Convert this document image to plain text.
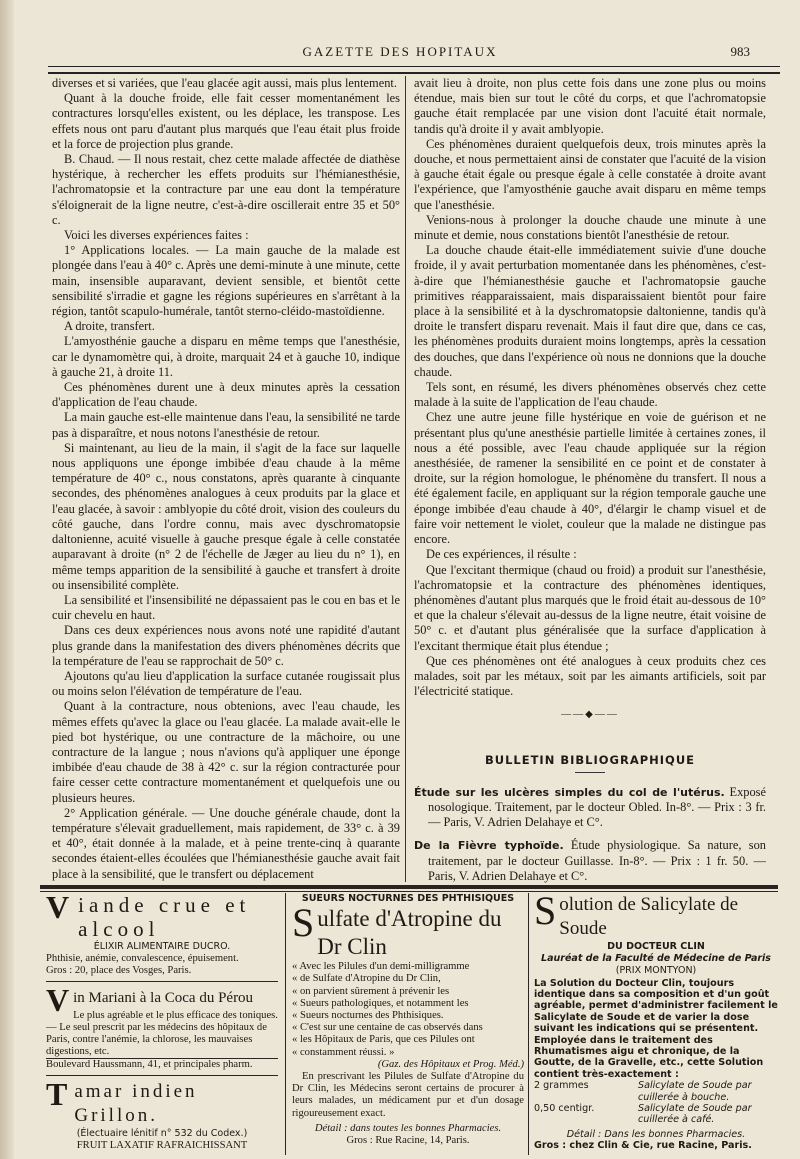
GAZETTE DES HOPITAUX	983

diverses et si variées, que l'eau glacée agit aussi, mais plus lentement.

Quant à la douche froide, elle fait cesser momentanément les contractures lorsqu'elles existent, ou les déplace, les transpose. Les effets nous ont paru d'autant plus marqués que l'eau était plus froide et la force de projection plus grande.

B. Chaud. — Il nous restait, chez cette malade affectée de diathèse hystérique, à rechercher les effets produits sur l'hémianesthésie, l'achromatopsie et la contracture par une eau dont la température s'éloignerait de la ligne neutre, c'est-à-dire oscillerait entre 35 et 50° c.

Voici les diverses expériences faites :

1° Applications locales. — La main gauche de la malade est plongée dans l'eau à 40° c. Après une demi-minute à une minute, cette main, insensible auparavant, devient sensible, et bientôt cette sensibilité s'irradie et gagne les régions supérieures en s'arrêtant à la région, tantôt scapulo-humérale, tantôt sterno-cléido-mastoïdienne.

A droite, transfert.

L'amyosthénie gauche a disparu en même temps que l'anesthésie, car le dynamomètre qui, à droite, marquait 24 et à gauche 10, indique à gauche 21, à droite 11.

Ces phénomènes durent une à deux minutes après la cessation d'application de l'eau chaude.

La main gauche est-elle maintenue dans l'eau, la sensibilité ne tarde pas à disparaître, et nous notons l'anesthésie de retour.

Si maintenant, au lieu de la main, il s'agit de la face sur laquelle nous appliquons une éponge imbibée d'eau chaude à la même température de 40° c., nous constatons, après quarante à cinquante secondes, des phénomènes analogues à ceux produits par la glace et l'eau glacée, à savoir : amblyopie du côté droit, vision des couleurs du côté gauche, dans l'ordre connu, mais avec dyschromatopsie daltonienne, acuité visuelle à gauche presque égale à celle constatée auparavant à droite (n° 2 de l'échelle de Jæger au lieu du n° 1), en même temps apparition de la sensibilité à gauche et transfert à droite ou insensibilité complète.

La sensibilité et l'insensibilité ne dépassaient pas le cou en bas et le cuir chevelu en haut.

Dans ces deux expériences nous avons noté une rapidité d'autant plus grande dans la manifestation des divers phénomènes décrits que la température de l'eau se rapprochait de 50° c.

Ajoutons qu'au lieu d'application la surface cutanée rougissait plus ou moins selon l'élévation de température de l'eau.

Quant à la contracture, nous obtenions, avec l'eau chaude, les mêmes effets qu'avec la glace ou l'eau glacée. La malade avait-elle le pied bot hystérique, ou une contracture de la mâchoire, ou une contracture de la langue ; nous n'avions qu'à appliquer une éponge imbibée d'eau chaude de 38 à 42° c. sur la région contracturée pour faire cesser cette contracture momentanément et quelquefois une ou plusieurs heures.

2° Application générale. — Une douche générale chaude, dont la température s'élevait graduellement, mais rapidement, de 33° c. à 39 et 40°, était donnée à la malade, et à peine trente-cinq à quarante secondes étaient-elles écoulées que l'hémianesthésie gauche avait fait place à la sensibilité, que le transfert ou déplacement

avait lieu à droite, non plus cette fois dans une zone plus ou moins étendue, mais bien sur tout le côté du corps, et que l'achromatopsie gauche était remplacée par une vision dont l'acuité était normale, tandis qu'à droite il y avait amblyopie.

Ces phénomènes duraient quelquefois deux, trois minutes après la douche, et nous permettaient ainsi de constater que l'acuité de la vision à gauche était égale ou presque égale à celle constatée à droite avant l'expérience, que l'amyosthénie gauche avait disparu en même temps que l'anesthésie.

Venions-nous à prolonger la douche chaude une minute à une minute et demie, nous constations bientôt l'anesthésie de retour.

La douche chaude était-elle immédiatement suivie d'une douche froide, il y avait perturbation momentanée dans les phénomènes, c'est-à-dire que l'hémianesthésie gauche et l'achromatopsie gauche primitives réapparaissaient, mais disparaissaient bientôt pour faire place à la sensibilité et à la dyschromatopsie daltonienne, tandis qu'à droite le transfert disparu revenait. Mais il faut dire que, dans ce cas, les phénomènes produits duraient moins longtemps, après la cessation des douches, que dans l'expérience où nous ne donnions que la douche chaude.

Tels sont, en résumé, les divers phénomènes observés chez cette malade à la suite de l'application de l'eau chaude.

Chez une autre jeune fille hystérique en voie de guérison et ne présentant plus qu'une anesthésie partielle limitée à certaines zones, il nous a été possible, avec l'eau chaude appliquée sur la région anesthésiée, de ramener la sensibilité en ce point et de constater à droite, sur la région homologue, le phénomène du transfert. Il nous a été également facile, en appliquant sur la région temporale gauche une éponge imbibée d'eau chaude à 40°, d'élargir le champ visuel et de faire voir nettement le violet, couleur que la malade ne distingue pas encore.

De ces expériences, il résulte :

Que l'excitant thermique (chaud ou froid) a produit sur l'anesthésie, l'achromatopsie et la contracture des phénomènes identiques, phénomènes d'autant plus marqués que le froid était au-dessous de 10° et que la chaleur s'élevait au-dessus de la ligne neutre, était voisine de 50° c. et d'autant plus généralisée que la surface d'application à l'excitant thermique était plus étendue ;

Que ces phénomènes ont été analogues à ceux produits chez ces malades, soit par les métaux, soit par les aimants artificiels, soit par l'électricité statique.

——◆——
BULLETIN BIBLIOGRAPHIQUE

Étude sur les ulcères simples du col de l'utérus. Exposé nosologique. Traitement, par le docteur Obled. In-8°. — Prix : 3 fr. — Paris, V. Adrien Delahaye et C°.

De la Fièvre typhoïde. Étude physiologique. Sa nature, son traitement, par le docteur Guillasse. In-8°. — Prix : 1 fr. 50. — Paris, V. Adrien Delahaye et C°.

Viande crue et alcool
ÉLIXIR ALIMENTAIRE DUCRO.

Phthisie, anémie, convalescence, épuisement.

Gros : 20, place des Vosges, Paris.

Vin Mariani à la Coca du Pérou

Le plus agréable et le plus efficace des toniques. — Le seul prescrit par les médecins des hôpitaux de Paris, contre l'anémie, la chlorose, les mauvaises digestions, etc.

Boulevard Haussmann, 41, et principales pharm.

Tamar indien Grillon.
(Électuaire lénitif n° 532 du Codex.)

FRUIT LAXATIF RAFRAICHISSANT

SUEURS NOCTURNES DES PHTHISIQUES
Sulfate d'Atropine du Dr Clin

« Avec les Pilules d'un demi-milligramme

« de Sulfate d'Atropine du Dr Clin,

« on parvient sûrement à prévenir les

« Sueurs pathologiques, et notamment les

« Sueurs nocturnes des Phthisiques.

« C'est sur une centaine de cas observés dans

« les Hôpitaux de Paris, que ces Pilules ont

« constamment réussi. »

(Gaz. des Hôpitaux et Prog. Méd.)

En prescrivant les Pilules de Sulfate d'Atropine du Dr Clin, les Médecins seront certains de procurer à leurs malades, un médicament pur et d'un dosage rigoureusement exact.

Détail : dans toutes les bonnes Pharmacies.

Gros : Rue Racine, 14, Paris.

Solution de Salicylate de Soude
DU DOCTEUR CLIN
Lauréat de la Faculté de Médecine de Paris
(PRIX MONTYON)

La Solution du Docteur Clin, toujours identique dans sa composition et d'un goût agréable, permet d'administrer facilement le Salicylate de Soude et de varier la dose suivant les indications qui se présentent.

Employée dans le traitement des Rhumatismes aigu et chronique, de la Goutte, de la Gravelle, etc., cette Solution contient très-exactement :

2 grammes	Salicylate de Soude par cuillerée à bouche.
0,50 centigr.	Salicylate de Soude par cuillerée à café.

Détail : Dans les bonnes Pharmacies.

Gros : chez Clin & Cie, rue Racine, Paris.
